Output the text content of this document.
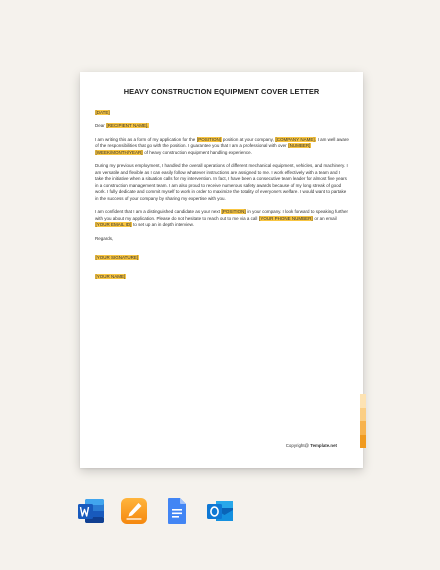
HEAVY CONSTRUCTION EQUIPMENT COVER LETTER

[DATE]

Dear [RECIPIENT NAME],

I am writing this as a form of my application for the [POSITION] position at your company, [COMPANY NAME]. I am well aware of the responsibilities that go with the position. I guarantee you that I am a professional with over [NUMBER] [WEEK/MONTH/YEAR] of heavy construction equipment handling experience.

During my previous employment, I handled the overall operations of different mechanical equipment, vehicles, and machinery. I am versatile and flexible as I can easily follow whatever instructions are assigned to me. I work effectively with a team and I take the initiative when a situation calls for my intervention. In fact, I have been a consecutive team leader for almost five years in a construction management team. I am also proud to receive numerous safety awards because of my long streak of good work. I fully dedicate and commit myself to work in order to maximize the totality of everyone's welfare. I would want to partake in the success of your company by sharing my expertise with you.

I am confident that I am a distinguished candidate as your next [POSITION] in your company. I look forward to speaking further with you about my application. Please do not hesitate to reach out to me via a call [YOUR PHONE NUMBER] or an email [YOUR EMAIL ID] to set up an in depth interview.

Regards,

[YOUR SIGNATURE]

[YOUR NAME]

Copyright@ Template.net
